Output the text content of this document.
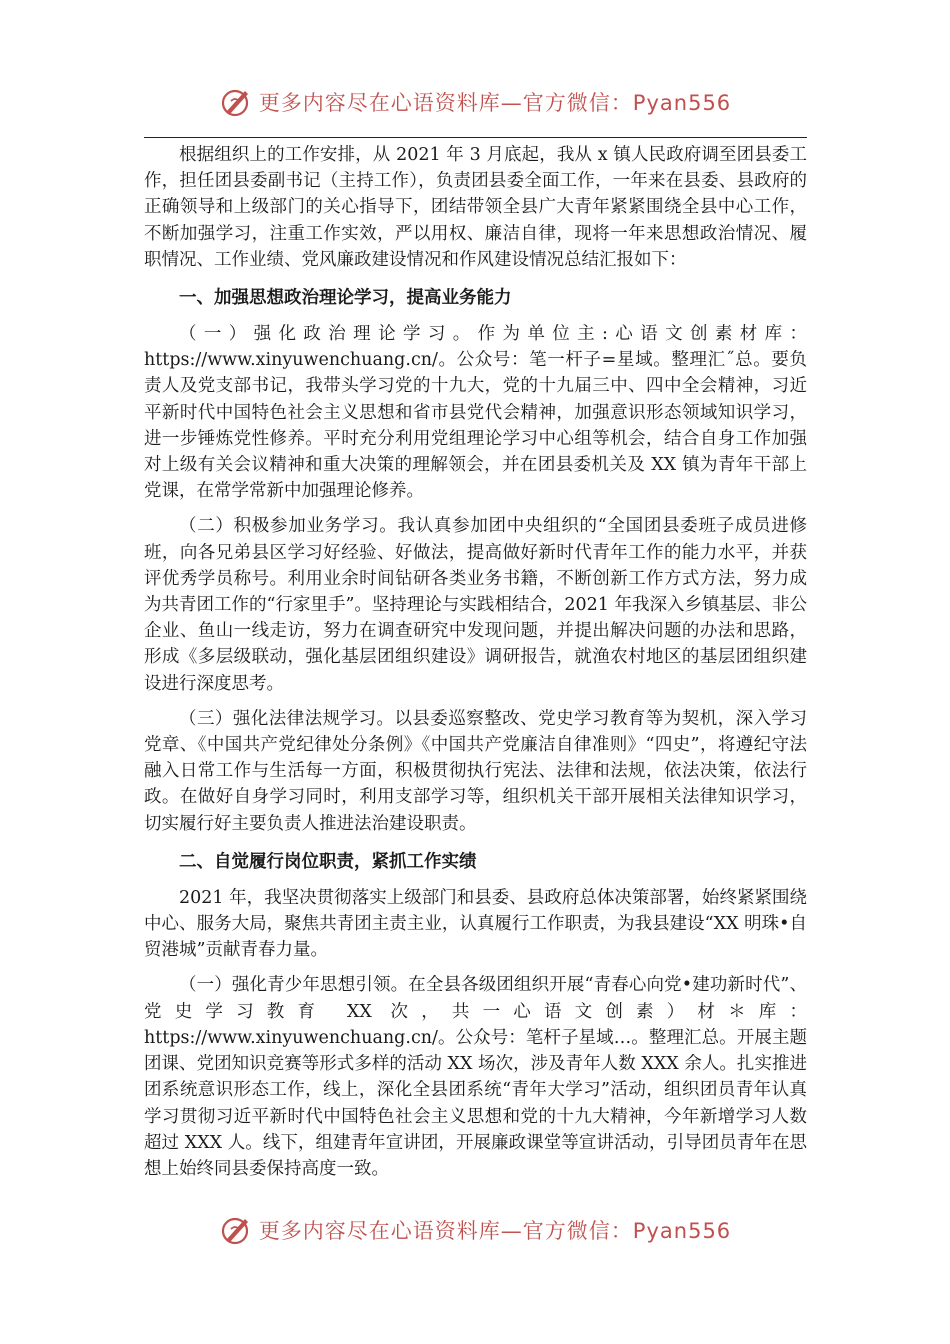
更多内容尽在心语资料库—官方微信：Pyan556

根据组织上的工作安排，从 2021 年 3 月底起，我从 x 镇人民政府调至团县委工作，担任团县委副书记（主持工作），负责团县委全面工作，一年来在县委、县政府的正确领导和上级部门的关心指导下，团结带领全县广大青年紧紧围绕全县中心工作，不断加强学习，注重工作实效，严以用权、廉洁自律，现将一年来思想政治情况、履职情况、工作业绩、党风廉政建设情况和作风建设情况总结汇报如下：

一、加强思想政治理论学习，提高业务能力

（一）强化政治理论学习。作为单位主:心语文创素材库：https://www.xinyuwenchuang.cn/。公众号：笔一杆子=星域。整理汇˝总。要负责人及党支部书记，我带头学习党的十九大，党的十九届三中、四中全会精神，习近平新时代中国特色社会主义思想和省市县党代会精神，加强意识形态领域知识学习，进一步锤炼党性修养。平时充分利用党组理论学习中心组等机会，结合自身工作加强对上级有关会议精神和重大决策的理解领会，并在团县委机关及 XX 镇为青年干部上党课，在常学常新中加强理论修养。

（二）积极参加业务学习。我认真参加团中央组织的“全国团县委班子成员进修班，向各兄弟县区学习好经验、好做法，提高做好新时代青年工作的能力水平，并获评优秀学员称号。利用业余时间钻研各类业务书籍，不断创新工作方式方法，努力成为共青团工作的“行家里手”。坚持理论与实践相结合，2021 年我深入乡镇基层、非公企业、鱼山一线走访，努力在调查研究中发现问题，并提出解决问题的办法和思路，形成《多层级联动，强化基层团组织建设》调研报告，就渔农村地区的基层团组织建设进行深度思考。

（三）强化法律法规学习。以县委巡察整改、党史学习教育等为契机，深入学习党章、《中国共产党纪律处分条例》《中国共产党廉洁自律准则》“四史”，将遵纪守法融入日常工作与生活每一方面，积极贯彻执行宪法、法律和法规，依法决策，依法行政。在做好自身学习同时，利用支部学习等，组织机关干部开展相关法律知识学习，切实履行好主要负责人推进法治建设职责。

二、自觉履行岗位职责，紧抓工作实绩

2021 年，我坚决贯彻落实上级部门和县委、县政府总体决策部署，始终紧紧围绕中心、服务大局，聚焦共青团主责主业，认真履行工作职责，为我县建设“XX 明珠•自贸港城”贡献青春力量。

（一）强化青少年思想引领。在全县各级团组织开展“青春心向党•建功新时代”、党史学习教育 XX 次，共一心语文创素）材＊库：https://www.xinyuwenchuang.cn/。公众号：笔杆子星域…。整理汇总。开展主题团课、党团知识竞赛等形式多样的活动 XX 场次，涉及青年人数 XXX 余人。扎实推进团系统意识形态工作，线上，深化全县团系统“青年大学习”活动，组织团员青年认真学习贯彻习近平新时代中国特色社会主义思想和党的十九大精神，今年新增学习人数超过 XXX 人。线下，组建青年宣讲团，开展廉政课堂等宣讲活动，引导团员青年在思想上始终同县委保持高度一致。

更多内容尽在心语资料库—官方微信：Pyan556
